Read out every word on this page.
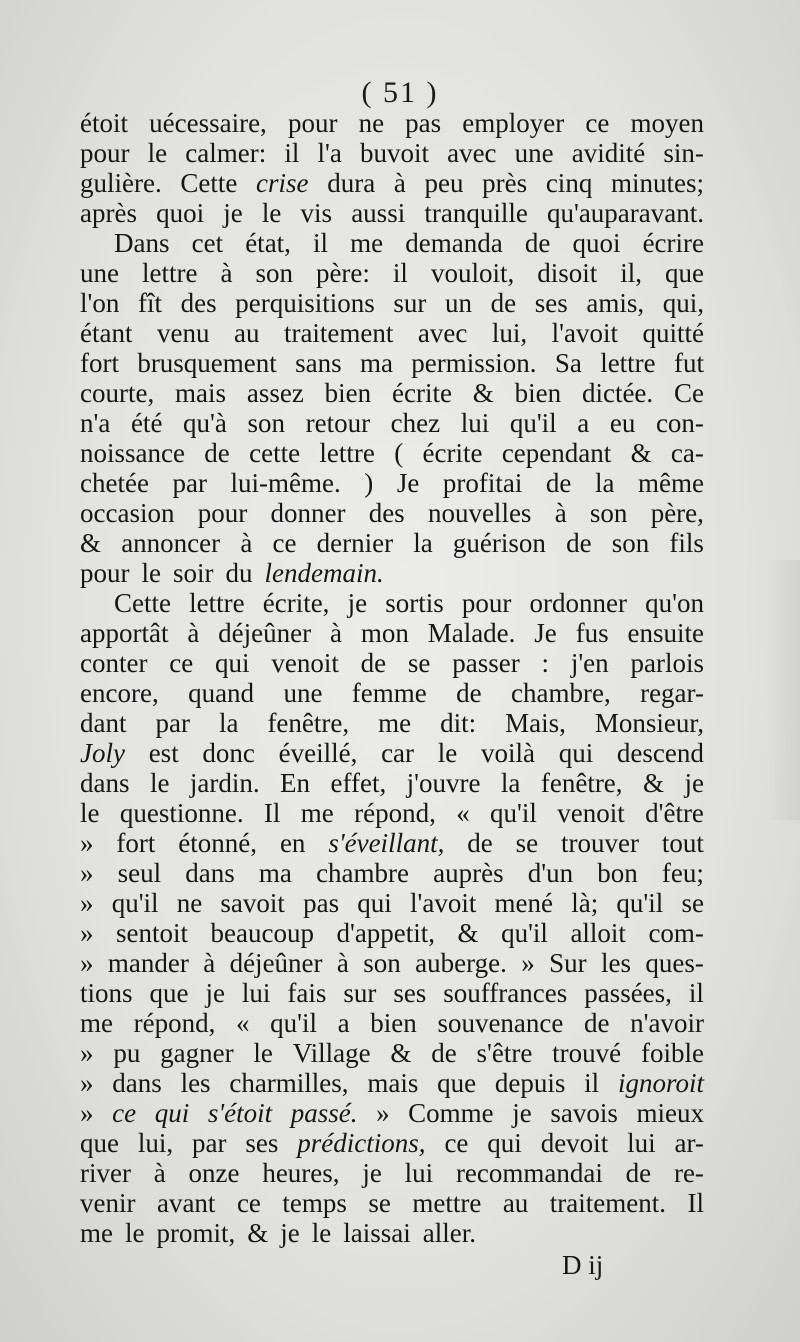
( 51 )
étoit uécessaire, pour ne pas employer ce moyen
pour le calmer: il l'a buvoit avec une avidité sin-
gulière. Cette crise dura à peu près cinq minutes;
après quoi je le vis aussi tranquille qu'auparavant.
Dans cet état, il me demanda de quoi écrire
une lettre à son père: il vouloit, disoit il, que
l'on fît des perquisitions sur un de ses amis, qui,
étant venu au traitement avec lui, l'avoit quitté
fort brusquement sans ma permission. Sa lettre fut
courte, mais assez bien écrite & bien dictée. Ce
n'a été qu'à son retour chez lui qu'il a eu con-
noissance de cette lettre ( écrite cependant & ca-
chetée par lui-même. ) Je profitai de la même
occasion pour donner des nouvelles à son père,
& annoncer à ce dernier la guérison de son fils
pour le soir du lendemain.
Cette lettre écrite, je sortis pour ordonner qu'on
apportât à déjeûner à mon Malade. Je fus ensuite
conter ce qui venoit de se passer : j'en parlois
encore, quand une femme de chambre, regar-
dant par la fenêtre, me dit: Mais, Monsieur,
Joly est donc éveillé, car le voilà qui descend
dans le jardin. En effet, j'ouvre la fenêtre, & je
le questionne. Il me répond, « qu'il venoit d'être
» fort étonné, en s'éveillant, de se trouver tout
» seul dans ma chambre auprès d'un bon feu;
» qu'il ne savoit pas qui l'avoit mené là; qu'il se
» sentoit beaucoup d'appetit, & qu'il alloit com-
» mander à déjeûner à son auberge. » Sur les ques-
tions que je lui fais sur ses souffrances passées, il
me répond, « qu'il a bien souvenance de n'avoir
» pu gagner le Village & de s'être trouvé foible
» dans les charmilles, mais que depuis il ignoroit
» ce qui s'étoit passé. » Comme je savois mieux
que lui, par ses prédictions, ce qui devoit lui ar-
river à onze heures, je lui recommandai de re-
venir avant ce temps se mettre au traitement. Il
me le promit, & je le laissai aller.
D ij
